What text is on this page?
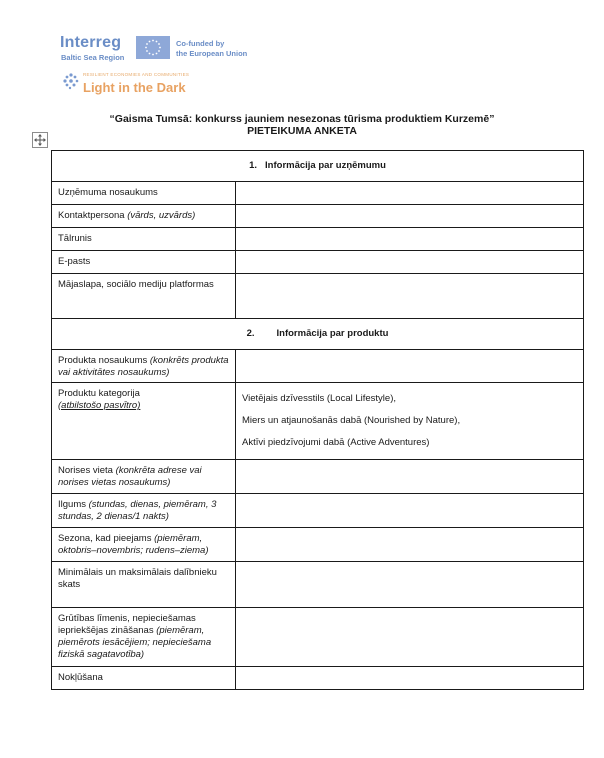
Interreg
Baltic Sea Region
Co-funded by
the European Union
RESILIENT ECONOMIES AND COMMUNITIES
Light in the Dark
“Gaisma Tumsā: konkurss jauniem nesezonas tūrisma produktiem Kurzemē”
PIETEIKUMA ANKETA
1. Informācija par uzņēmumu	
Uzņēmuma nosaukums	

Kontaktpersona (vārds, uzvārds)	

Tālrunis	

E-pasts	

Mājaslapa, sociālo mediju platformas	

2. Informācija par produktu	
Produkta nosaukums (konkrēts produkta vai aktivitātes nosaukums)	

Produktu kategorija
(atbilstošo pasvītro)	Vietējais dzīvesstils (Local Lifestyle),
Miers un atjaunošanās dabā (Nourished by Nature),
Aktīvi piedzīvojumi dabā (Active Adventures)

Norises vieta (konkrēta adrese vai norises vietas nosaukums)	

Ilgums (stundas, dienas, piemēram, 3 stundas, 2 dienas/1 nakts)	

Sezona, kad pieejams (piemēram, oktobris–novembris; rudens–ziema)	

Minimālais un maksimālais dalībnieku skats	

Grūtības līmenis, nepieciešamas iepriekšējas zināšanas (piemēram, piemērots iesācējiem; nepieciešama fiziskā sagatavotība)	

Nokļūšana	
